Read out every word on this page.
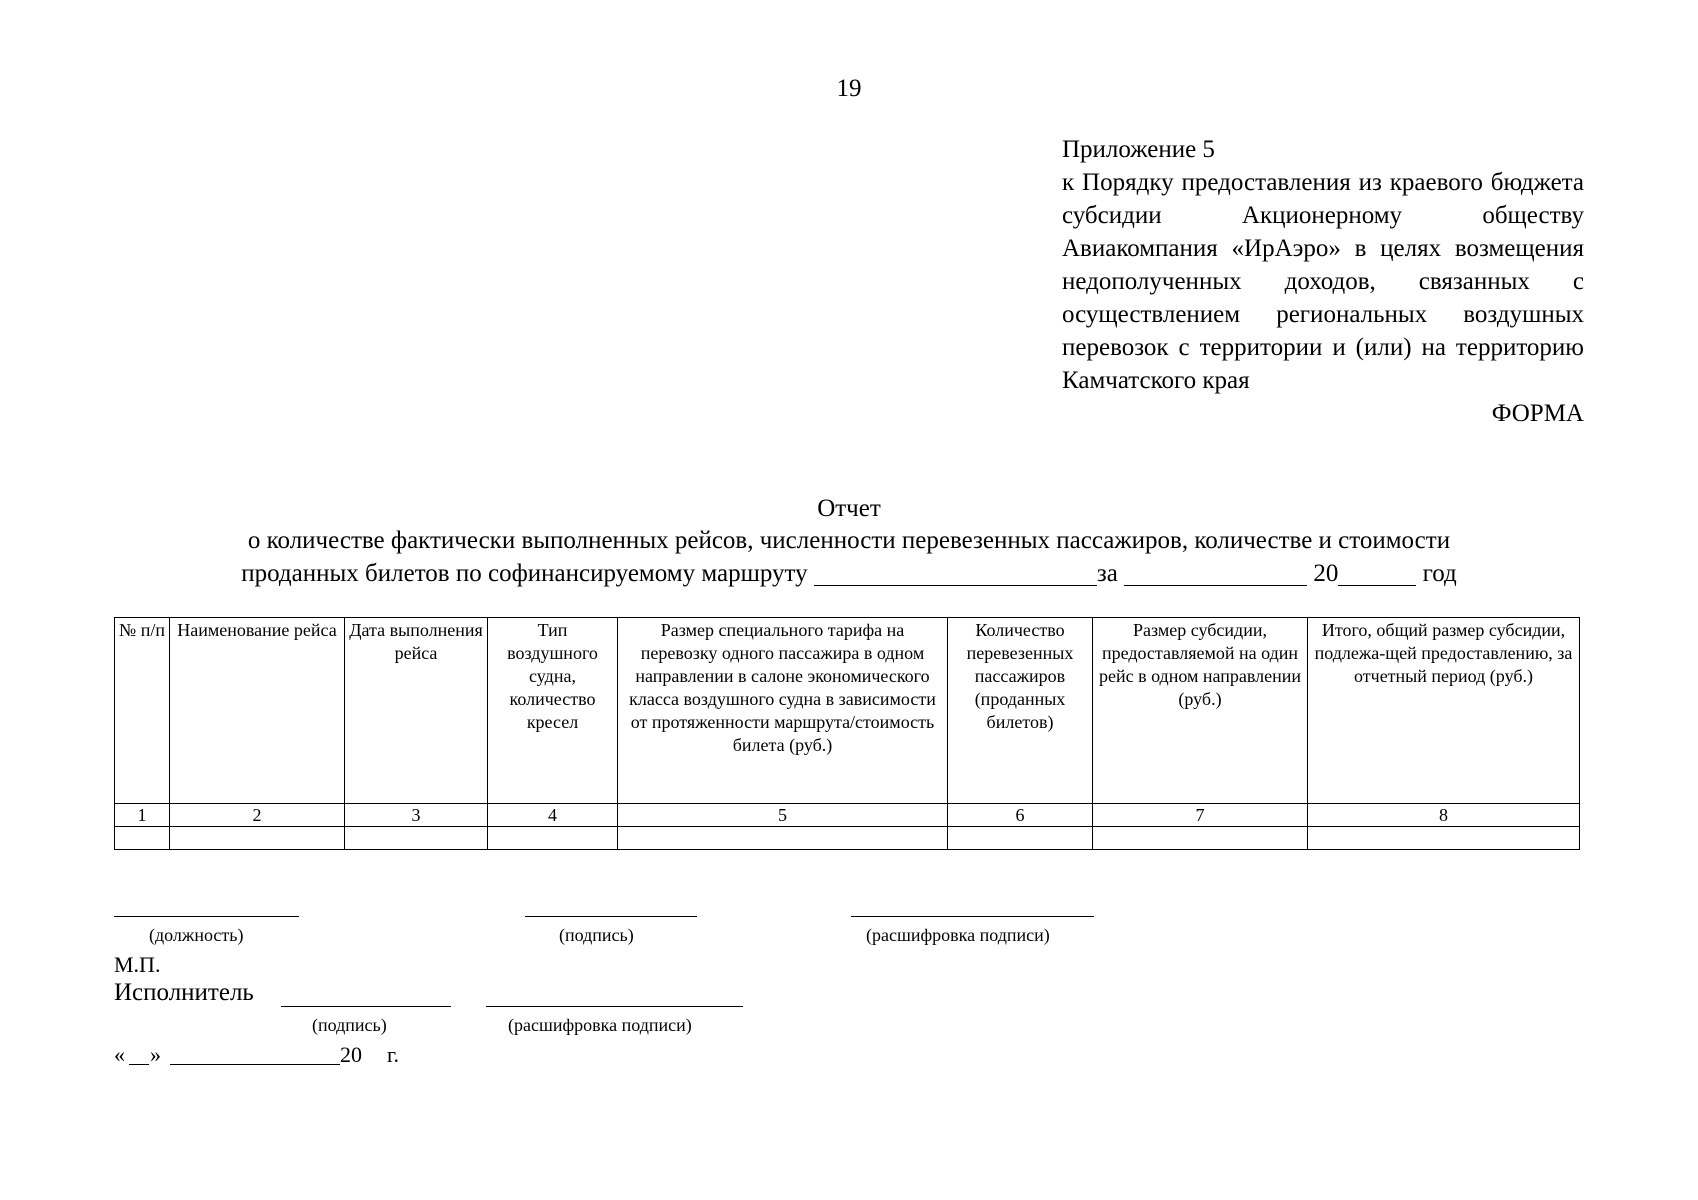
19
Приложение 5
к Порядку предоставления из краевого бюджета субсидии Акционерному обществу Авиакомпания «ИрАэро» в целях возмещения недополученных доходов, связанных с осуществлением региональных воздушных перевозок с территории и (или) на территорию Камчатского края
ФОРМА
Отчет
о количестве фактически выполненных рейсов, численности перевезенных пассажиров, количестве и стоимости
проданных билетов по софинансируемому маршруту	за	20	год
№ п/п	Наименование рейса	Дата выполнения рейса	Тип воздушного судна, количество кресел	Размер специального тарифа на перевозку одного пассажира в одном направлении в салоне экономического класса воздушного судна в зависимости от протяженности маршрута/стоимость билета (руб.)	Количество перевезенных пассажиров (проданных билетов)	Размер субсидии, предоставляемой на один рейс в одном направлении (руб.)	Итого, общий размер субсидии, подлежа-щей предоставлению, за отчетный период (руб.)
1	2	3	4	5	6	7	8

(должность)	(подпись)	(расшифровка подписи)
М.П.
Исполнитель
(подпись)	(расшифровка подписи)
« »	20 г.
